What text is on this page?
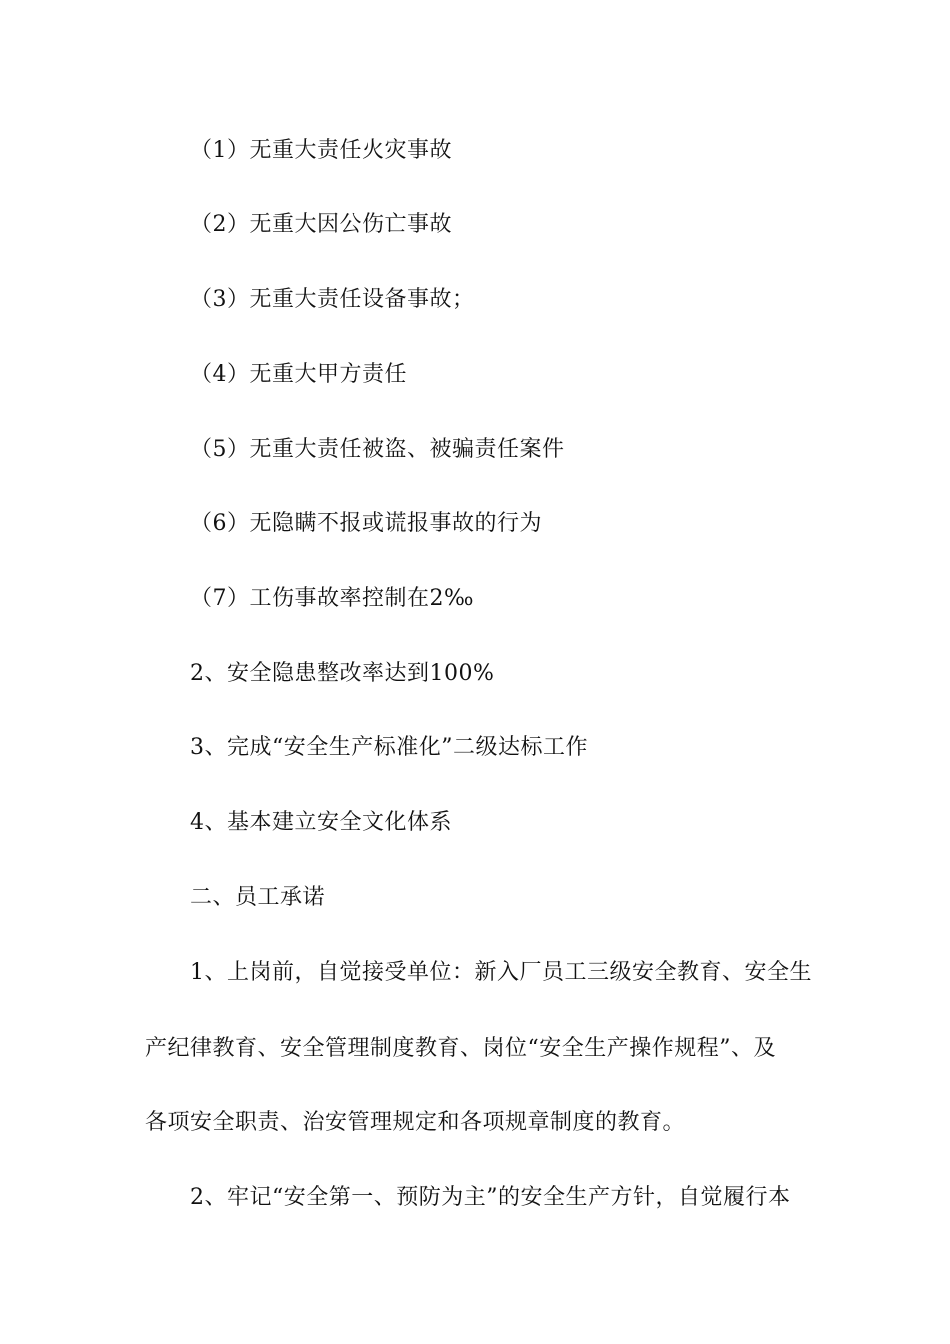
（1）无重大责任火灾事故
（2）无重大因公伤亡事故
（3）无重大责任设备事故；
（4）无重大甲方责任
（5）无重大责任被盗、被骗责任案件
（6）无隐瞒不报或谎报事故的行为
（7）工伤事故率控制在2‰
2、安全隐患整改率达到100%
3、完成“安全生产标准化”二级达标工作
4、基本建立安全文化体系
二、员工承诺
1、上岗前，自觉接受单位：新入厂员工三级安全教育、安全生
产纪律教育、安全管理制度教育、岗位“安全生产操作规程”、及
各项安全职责、治安管理规定和各项规章制度的教育。
2、牢记“安全第一、预防为主”的安全生产方针，自觉履行本
